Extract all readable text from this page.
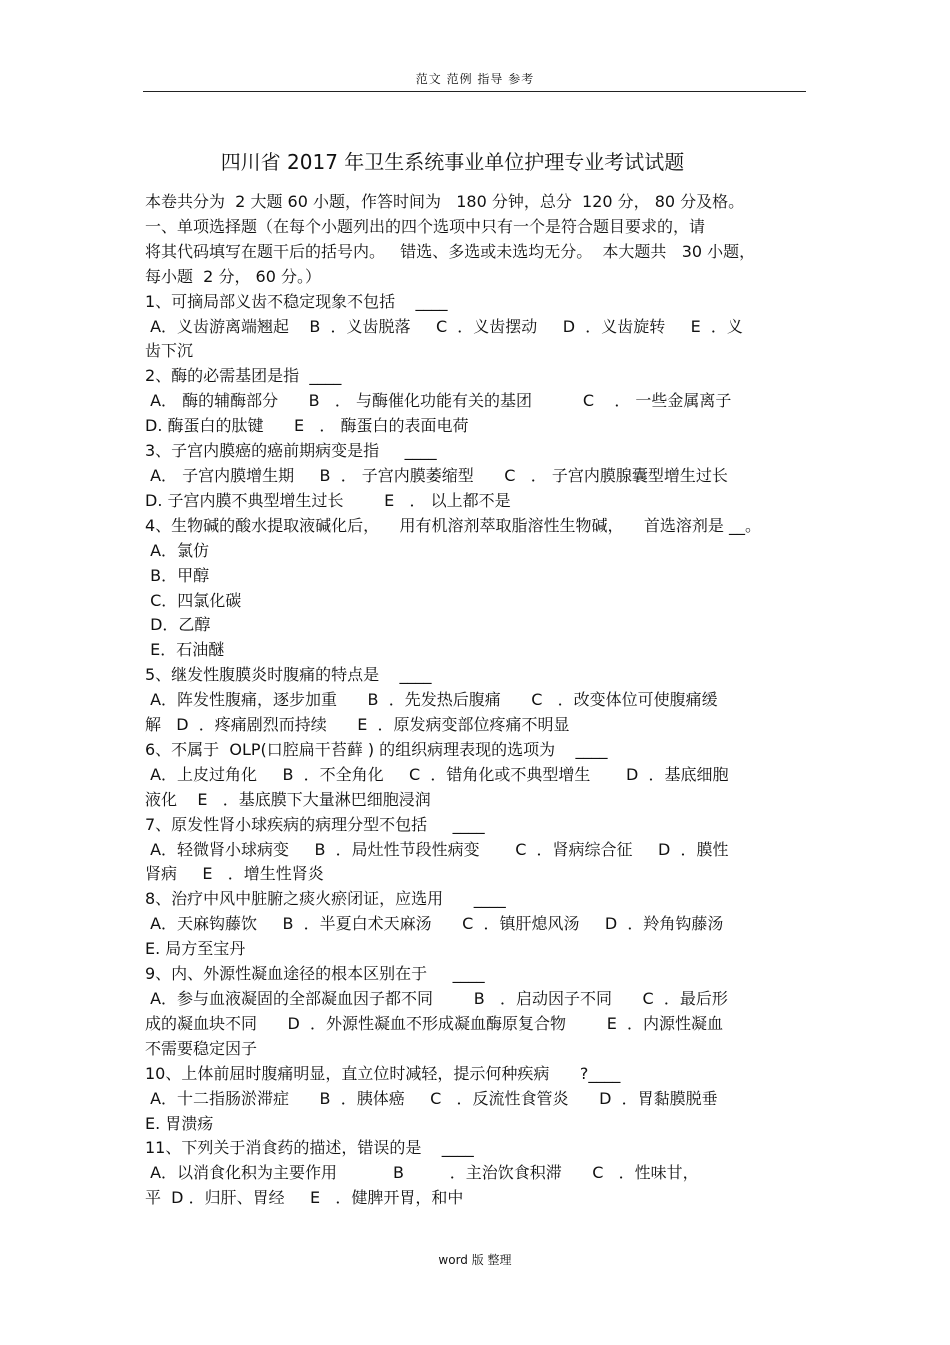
范文 范例 指导 参考
四川省 2017 年卫生系统事业单位护理专业考试试题
本卷共分为  2 大题 60 小题，作答时间为   180 分钟，总分  120 分， 80 分及格。
一、单项选择题（在每个小题列出的四个选项中只有一个是符合题目要求的，请
将其代码填写在题干后的括号内。   错选、多选或未选均无分。  本大题共   30 小题，
每小题  2 分， 60 分。）
1、可摘局部义齿不稳定现象不包括    ____
A．义齿游离端翘起    B  ．义齿脱落     C  ．义齿摆动     D  ．义齿旋转     E  ．义
齿下沉
2、酶的必需基团是指  ____
A． 酶的辅酶部分      B   ． 与酶催化功能有关的基团          C    ． 一些金属离子
D. 酶蛋白的肽键      E   ． 酶蛋白的表面电荷
3、子宫内膜癌的癌前期病变是指     ____
A． 子宫内膜增生期     B  ． 子宫内膜萎缩型      C   ． 子宫内膜腺囊型增生过长
D. 子宫内膜不典型增生过长        E   ． 以上都不是
4、生物碱的酸水提取液碱化后，    用有机溶剂萃取脂溶性生物碱，    首选溶剂是 __。
A．氯仿
B．甲醇
C．四氯化碳
D．乙醇
E．石油醚
5、继发性腹膜炎时腹痛的特点是    ____
A．阵发性腹痛，逐步加重      B  ．先发热后腹痛      C   ．改变体位可使腹痛缓
解   D  ．疼痛剧烈而持续      E  ．原发病变部位疼痛不明显
6、不属于  OLP(口腔扁干苔藓 ) 的组织病理表现的选项为    ____
A．上皮过角化     B  ．不全角化     C  ．错角化或不典型增生       D  ．基底细胞
液化    E   ．基底膜下大量淋巴细胞浸润
7、原发性肾小球疾病的病理分型不包括     ____
A．轻微肾小球病变     B  ．局灶性节段性病变       C  ．肾病综合征     D  ．膜性
肾病     E   ．增生性肾炎
8、治疗中风中脏腑之痰火瘀闭证，应选用      ____
A．天麻钩藤饮     B  ．半夏白术天麻汤      C  ．镇肝熄风汤     D  ．羚角钩藤汤
E. 局方至宝丹
9、内、外源性凝血途径的根本区别在于     ____
A．参与血液凝固的全部凝血因子都不同        B   ．启动因子不同      C  ．最后形
成的凝血块不同      D  ．外源性凝血不形成凝血酶原复合物        E  ．内源性凝血
不需要稳定因子
10、上体前屈时腹痛明显，直立位时减轻，提示何种疾病      ?____
A．十二指肠淤滞症      B  ．胰体癌     C   ．反流性食管炎      D  ．胃黏膜脱垂
E. 胃溃疡
11、下列关于消食药的描述，错误的是    ____
A．以消食化积为主要作用           B         ．主治饮食积滞      C   ．性味甘，
平  D ．归肝、胃经     E   ．健脾开胃，和中
word 版 整理
